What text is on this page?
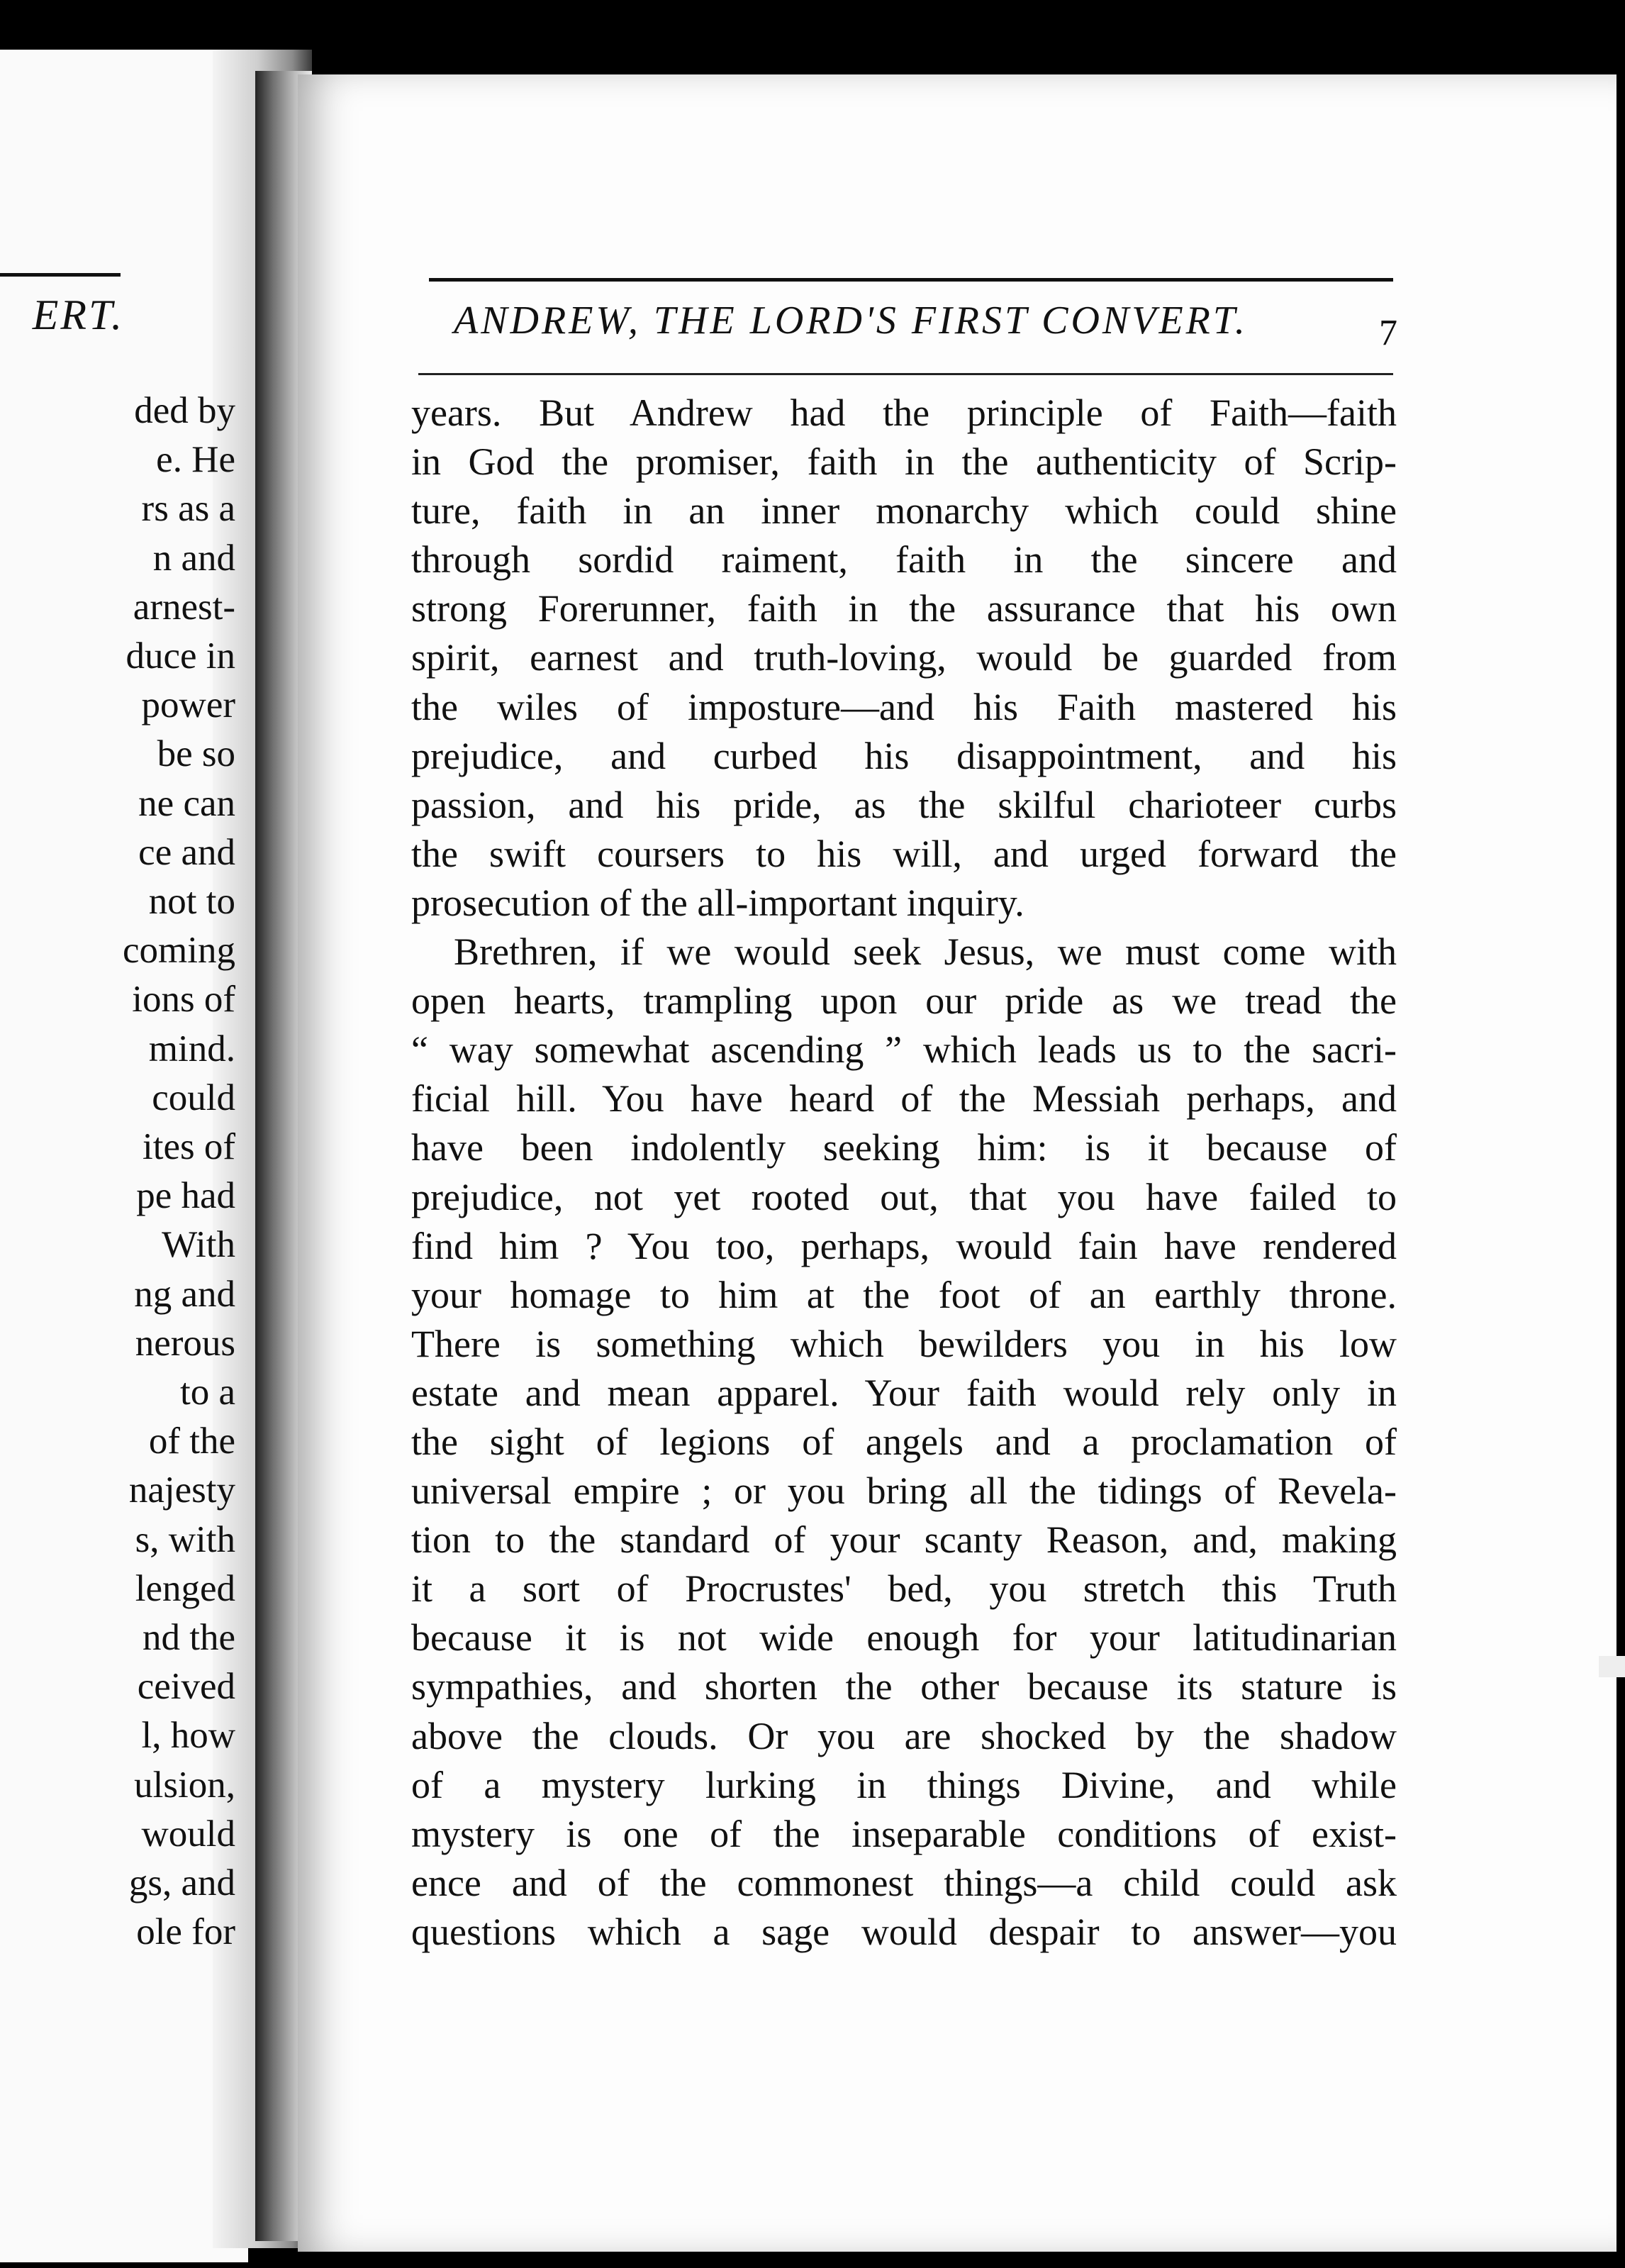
ERT.
ded by
e. He
rs as a
n and
arnest-
duce in
power
be so
ne can
ce and
not to
coming
ions of
mind.
could
ites of
pe had
With
ng and
nerous
to a
of the
najesty
s, with
lenged
nd the
ceived
l, how
ulsion,
would
gs, and
ole for
ANDREW, THE LORD'S FIRST CONVERT.	7
years. But Andrew had the principle of Faith—faith
in God the promiser, faith in the authenticity of Scrip-
ture, faith in an inner monarchy which could shine
through sordid raiment, faith in the sincere and
strong Forerunner, faith in the assurance that his own
spirit, earnest and truth-loving, would be guarded from
the wiles of imposture—and his Faith mastered his
prejudice, and curbed his disappointment, and his
passion, and his pride, as the skilful charioteer curbs
the swift coursers to his will, and urged forward the
prosecution of the all-important inquiry.
Brethren, if we would seek Jesus, we must come with
open hearts, trampling upon our pride as we tread the
“ way somewhat ascending ” which leads us to the sacri-
ficial hill. You have heard of the Messiah perhaps, and
have been indolently seeking him: is it because of
prejudice, not yet rooted out, that you have failed to
find him ? You too, perhaps, would fain have rendered
your homage to him at the foot of an earthly throne.
There is something which bewilders you in his low
estate and mean apparel. Your faith would rely only in
the sight of legions of angels and a proclamation of
universal empire ; or you bring all the tidings of Revela-
tion to the standard of your scanty Reason, and, making
it a sort of Procrustes' bed, you stretch this Truth
because it is not wide enough for your latitudinarian
sympathies, and shorten the other because its stature is
above the clouds. Or you are shocked by the shadow
of a mystery lurking in things Divine, and while
mystery is one of the inseparable conditions of exist-
ence and of the commonest things—a child could ask
questions which a sage would despair to answer—you
